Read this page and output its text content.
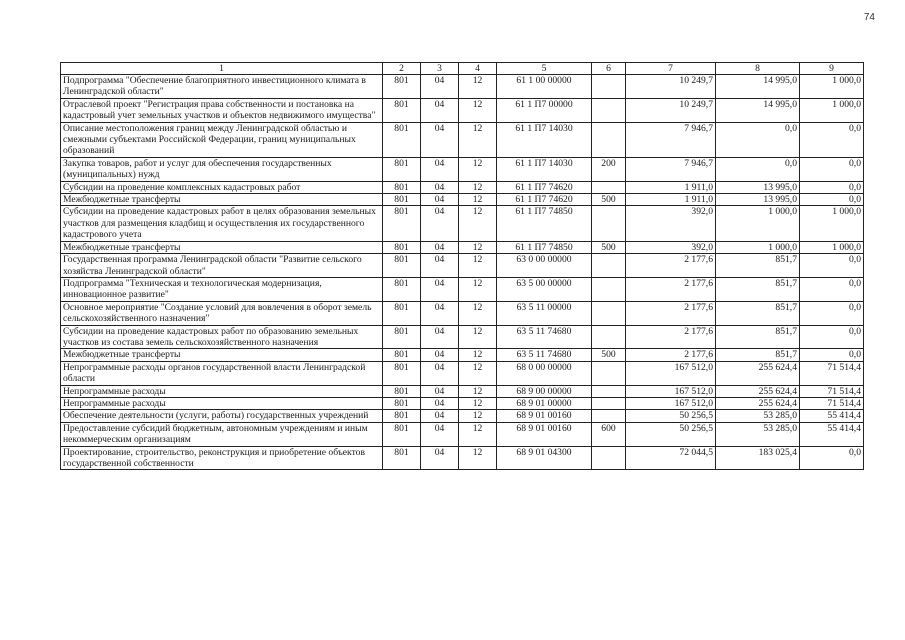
74
1	2	3	4	5	6	7	8	9
Подпрограмма "Обеспечение благоприятного инвестиционного климата в Ленинградской области"	801	04	12	61 1 00 00000		10 249,7	14 995,0	1 000,0
Отраслевой проект "Регистрация права собственности и постановка на кадастровый учет земельных участков и объектов недвижимого имущества"	801	04	12	61 1 П7 00000		10 249,7	14 995,0	1 000,0
Описание местоположения границ между Ленинградской областью и смежными субъектами Российской Федерации, границ муниципальных образований	801	04	12	61 1 П7 14030		7 946,7	0,0	0,0
Закупка товаров, работ и услуг для обеспечения государственных (муниципальных) нужд	801	04	12	61 1 П7 14030	200	7 946,7	0,0	0,0
Субсидии на проведение комплексных кадастровых работ	801	04	12	61 1 П7 74620		1 911,0	13 995,0	0,0
Межбюджетные трансферты	801	04	12	61 1 П7 74620	500	1 911,0	13 995,0	0,0
Субсидии на проведение кадастровых работ в целях образования земельных участков для размещения кладбищ и осуществления их государственного кадастрового учета	801	04	12	61 1 П7 74850		392,0	1 000,0	1 000,0
Межбюджетные трансферты	801	04	12	61 1 П7 74850	500	392,0	1 000,0	1 000,0
Государственная программа Ленинградской области "Развитие сельского хозяйства Ленинградской области"	801	04	12	63 0 00 00000		2 177,6	851,7	0,0
Подпрограмма "Техническая и технологическая модернизация, инновационное развитие"	801	04	12	63 5 00 00000		2 177,6	851,7	0,0
Основное мероприятие "Создание условий для вовлечения в оборот земель сельскохозяйственного назначения"	801	04	12	63 5 11 00000		2 177,6	851,7	0,0
Субсидии на проведение кадастровых работ по образованию земельных участков из состава земель сельскохозяйственного назначения	801	04	12	63 5 11 74680		2 177,6	851,7	0,0
Межбюджетные трансферты	801	04	12	63 5 11 74680	500	2 177,6	851,7	0,0
Непрограммные расходы органов государственной власти Ленинградской области	801	04	12	68 0 00 00000		167 512,0	255 624,4	71 514,4
Непрограммные расходы	801	04	12	68 9 00 00000		167 512,0	255 624,4	71 514,4
Непрограммные расходы	801	04	12	68 9 01 00000		167 512,0	255 624,4	71 514,4
Обеспечение деятельности (услуги, работы) государственных учреждений	801	04	12	68 9 01 00160		50 256,5	53 285,0	55 414,4
Предоставление субсидий бюджетным, автономным учреждениям и иным некоммерческим организациям	801	04	12	68 9 01 00160	600	50 256,5	53 285,0	55 414,4
Проектирование, строительство, реконструкция и приобретение объектов государственной собственности	801	04	12	68 9 01 04300		72 044,5	183 025,4	0,0
